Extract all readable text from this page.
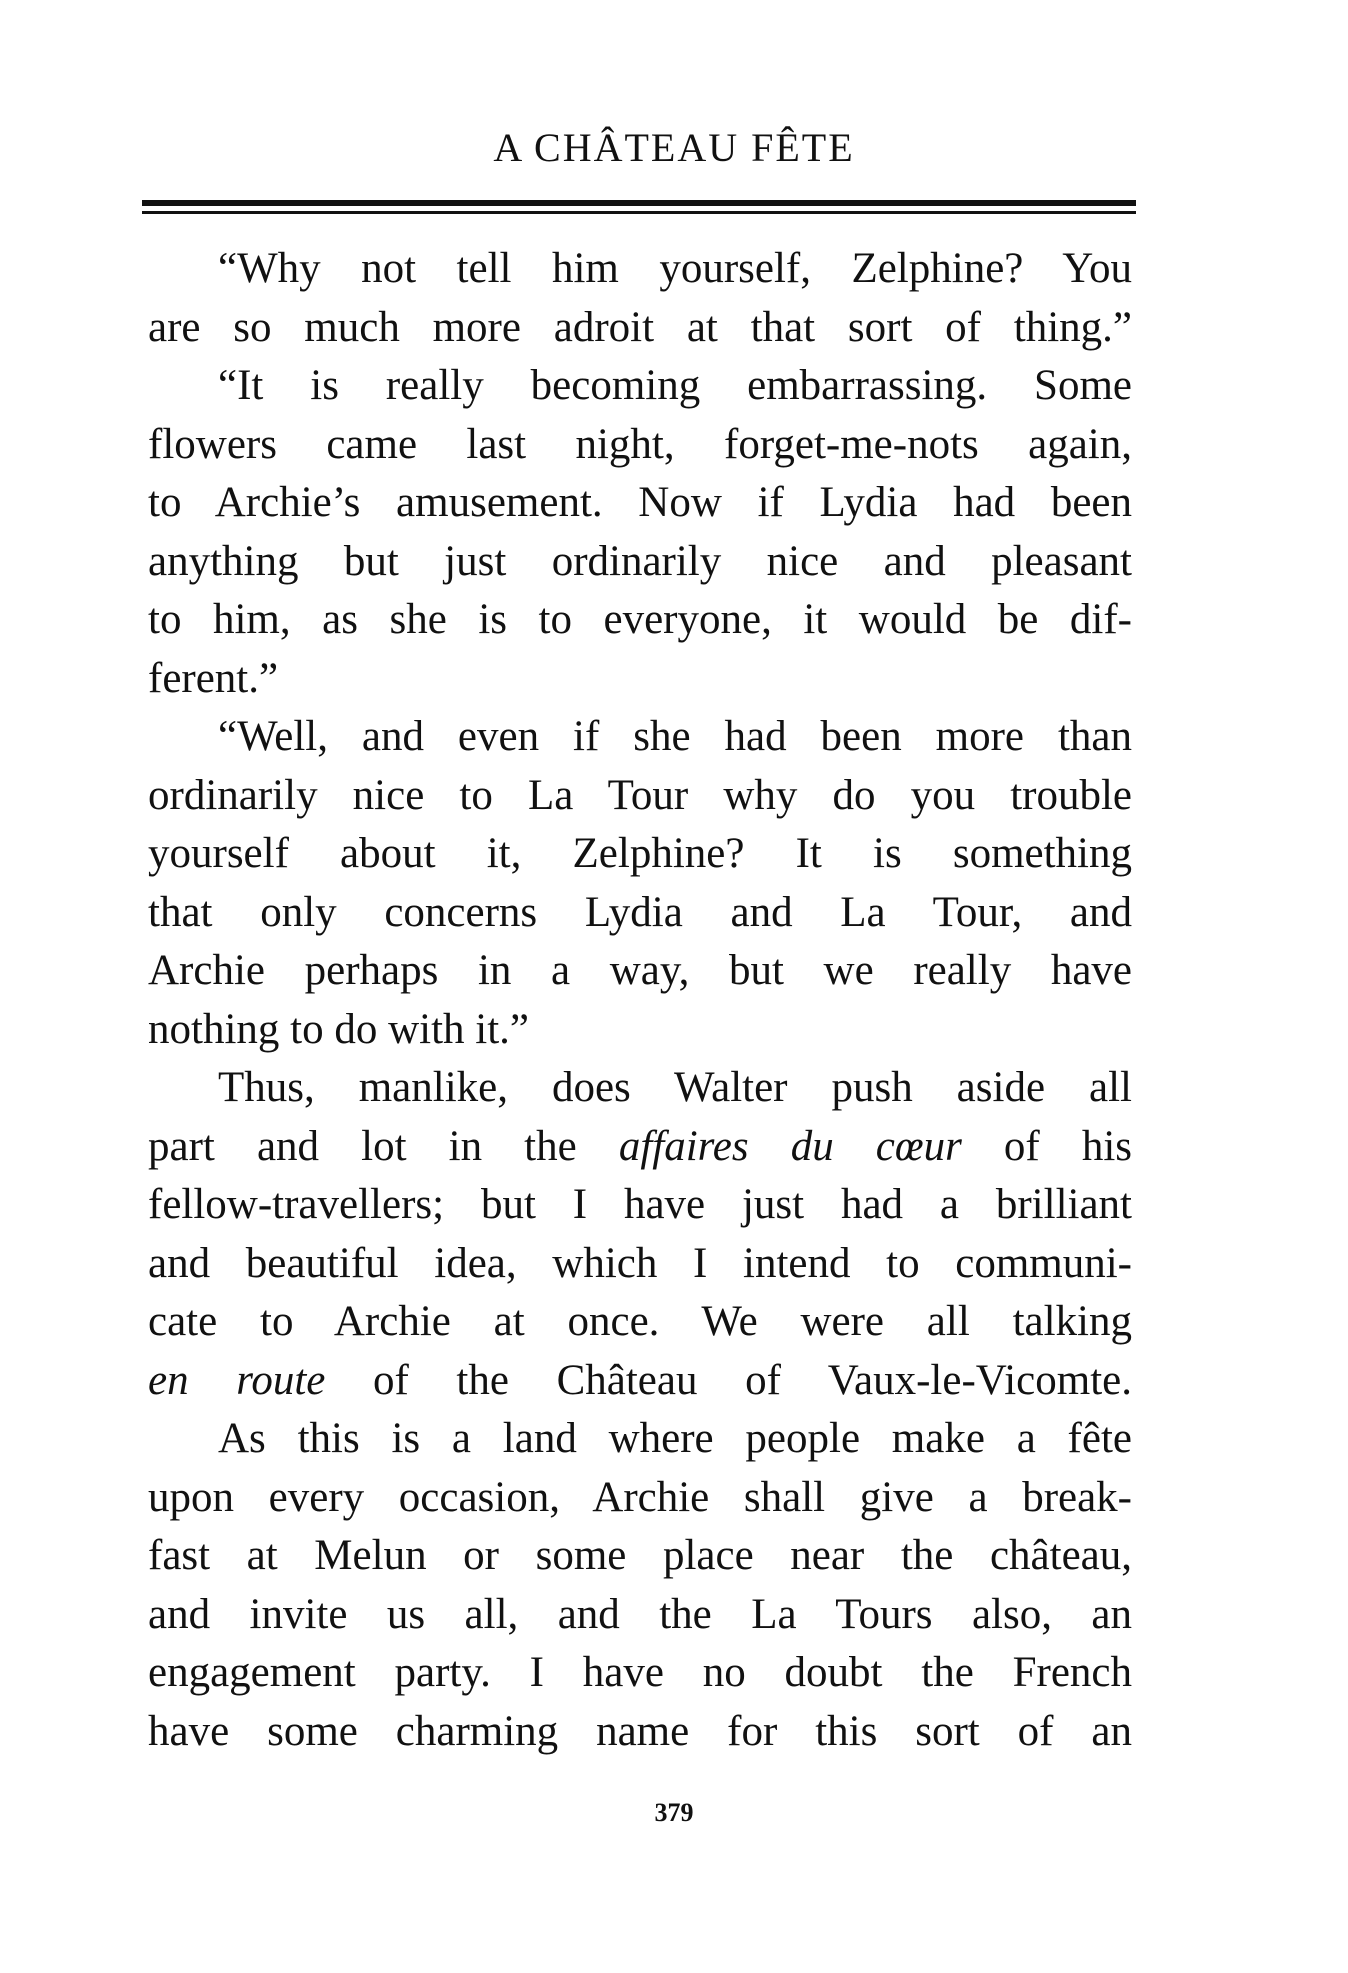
A CHÂTEAU FÊTE
“Why not tell him yourself, Zelphine? You
are so much more adroit at that sort of thing.”
“It is really becoming embarrassing. Some
flowers came last night, forget-me-nots again,
to Archie’s amusement. Now if Lydia had been
anything but just ordinarily nice and pleasant
to him, as she is to everyone, it would be dif-
ferent.”
“Well, and even if she had been more than
ordinarily nice to La Tour why do you trouble
yourself about it, Zelphine? It is something
that only concerns Lydia and La Tour, and
Archie perhaps in a way, but we really have
nothing to do with it.”
Thus, manlike, does Walter push aside all
part and lot in the affaires du cœur of his
fellow-travellers; but I have just had a brilliant
and beautiful idea, which I intend to communi-
cate to Archie at once. We were all talking
en route of the Château of Vaux-le-Vicomte.
As this is a land where people make a fête
upon every occasion, Archie shall give a break-
fast at Melun or some place near the château,
and invite us all, and the La Tours also, an
engagement party. I have no doubt the French
have some charming name for this sort of an
379
